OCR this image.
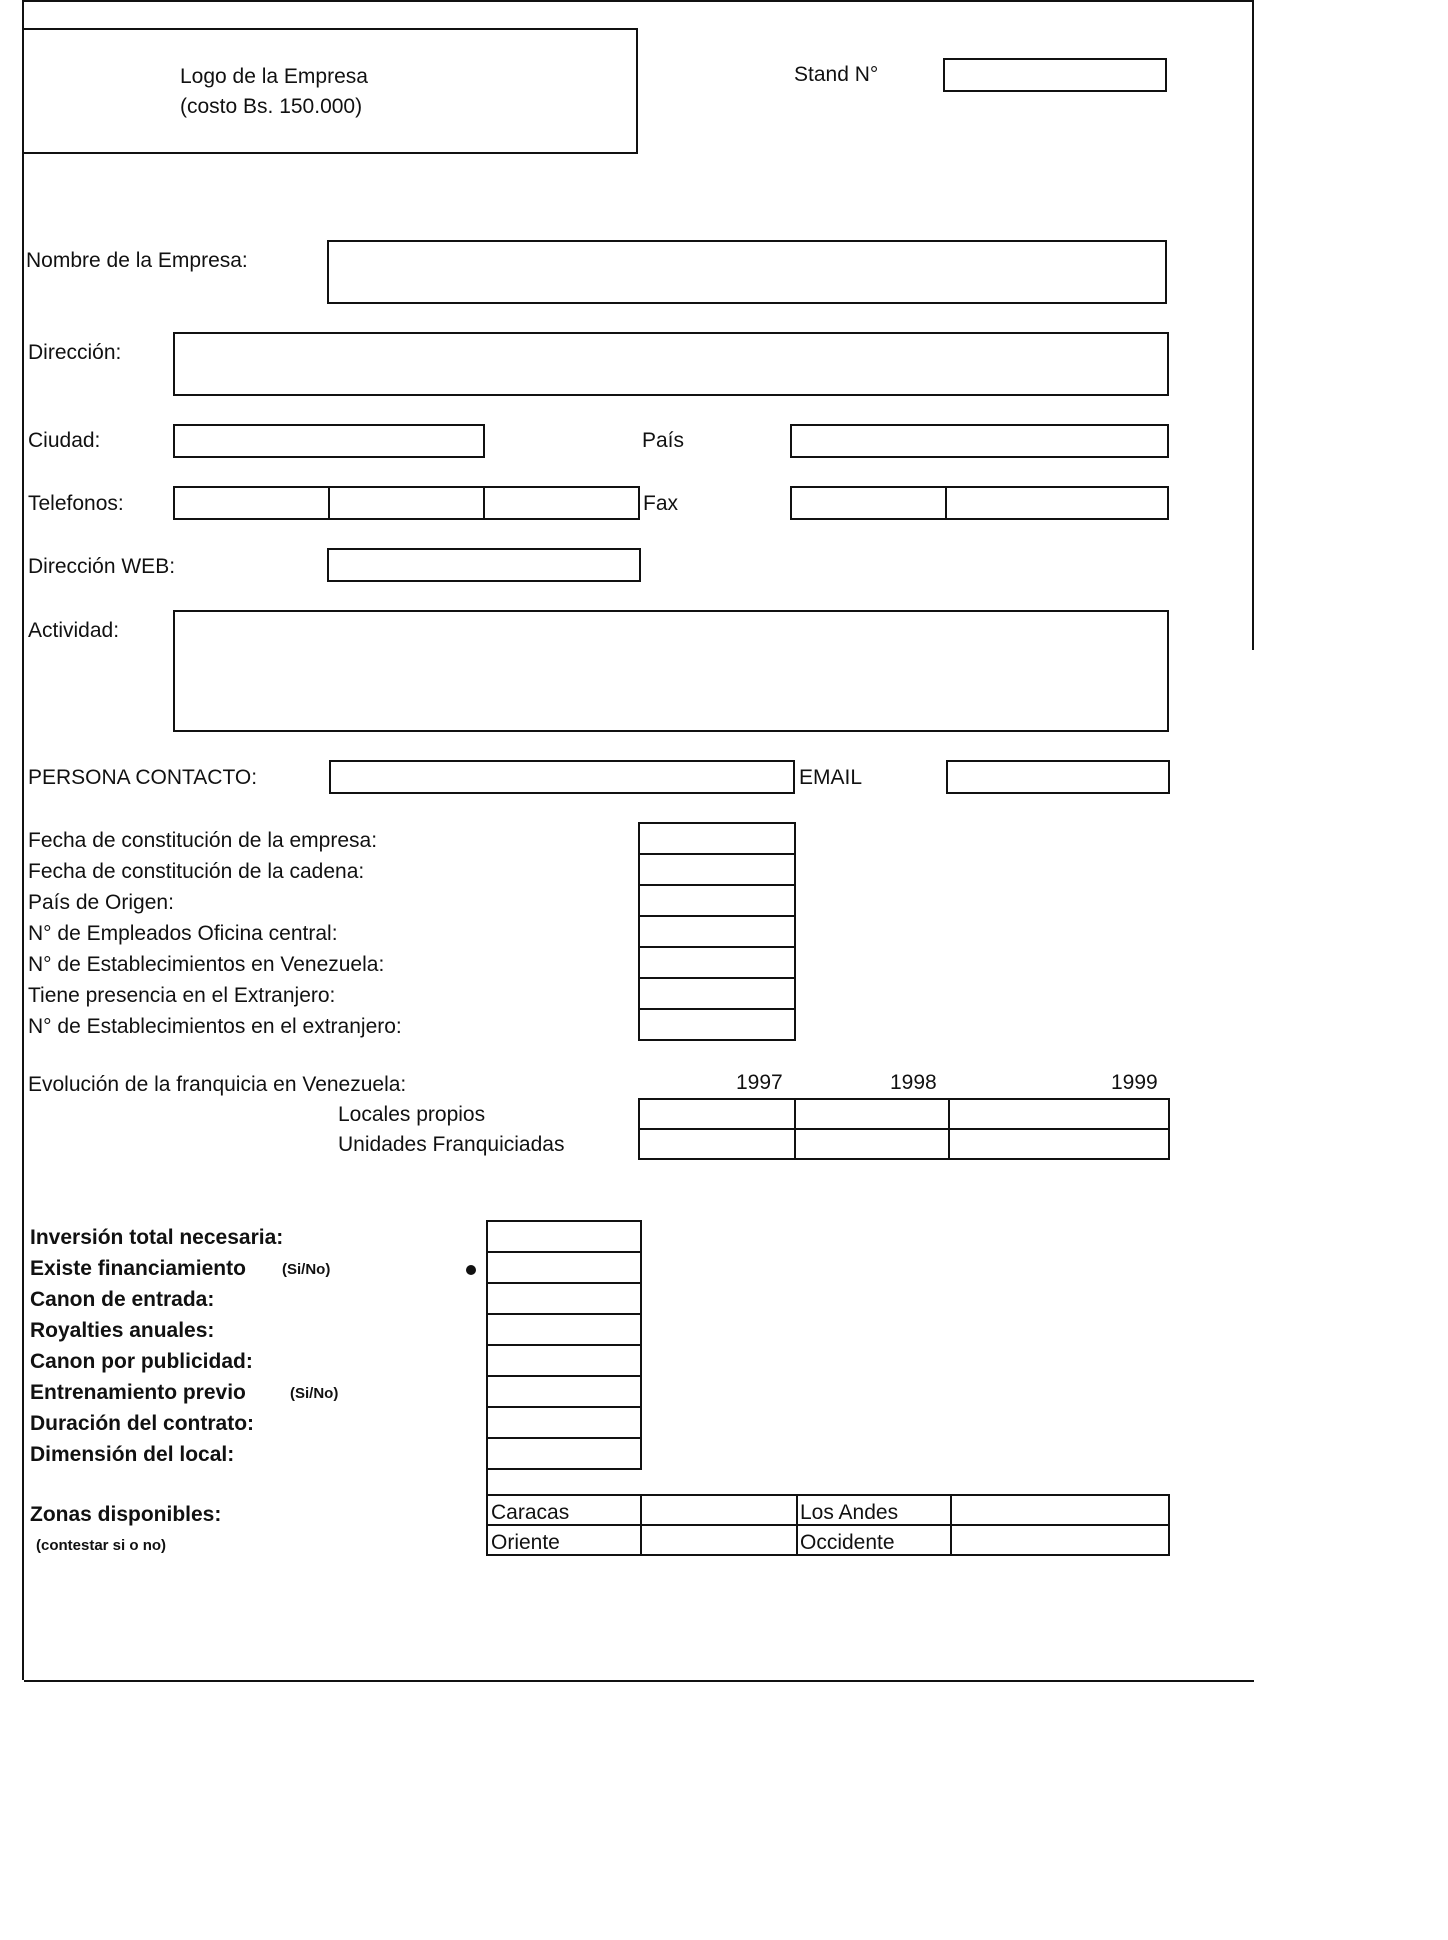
Logo de la Empresa
(costo Bs. 150.000)
Stand N°
Nombre de la Empresa:
Dirección:
Ciudad:	País
Telefonos:	Fax
Dirección WEB:
Actividad:
PERSONA CONTACTO:	EMAIL
Fecha de constitución de la empresa:
Fecha de constitución de la cadena:
País de Origen:
N° de Empleados Oficina central:
N° de Establecimientos en Venezuela:
Tiene presencia en el Extranjero:
N° de Establecimientos en el extranjero:
Evolución de la franquicia en Venezuela:	1997	1998	1999
Locales propios
Unidades Franquiciadas
Inversión total necesaria:
Existe financiamiento (Si/No)
Canon de entrada:
Royalties anuales:
Canon por publicidad:
Entrenamiento previo	(Si/No)
Duración del contrato:
Dimensión del local:
Zonas disponibles:
(contestar si o no)
Caracas	Los Andes
Oriente	Occidente
